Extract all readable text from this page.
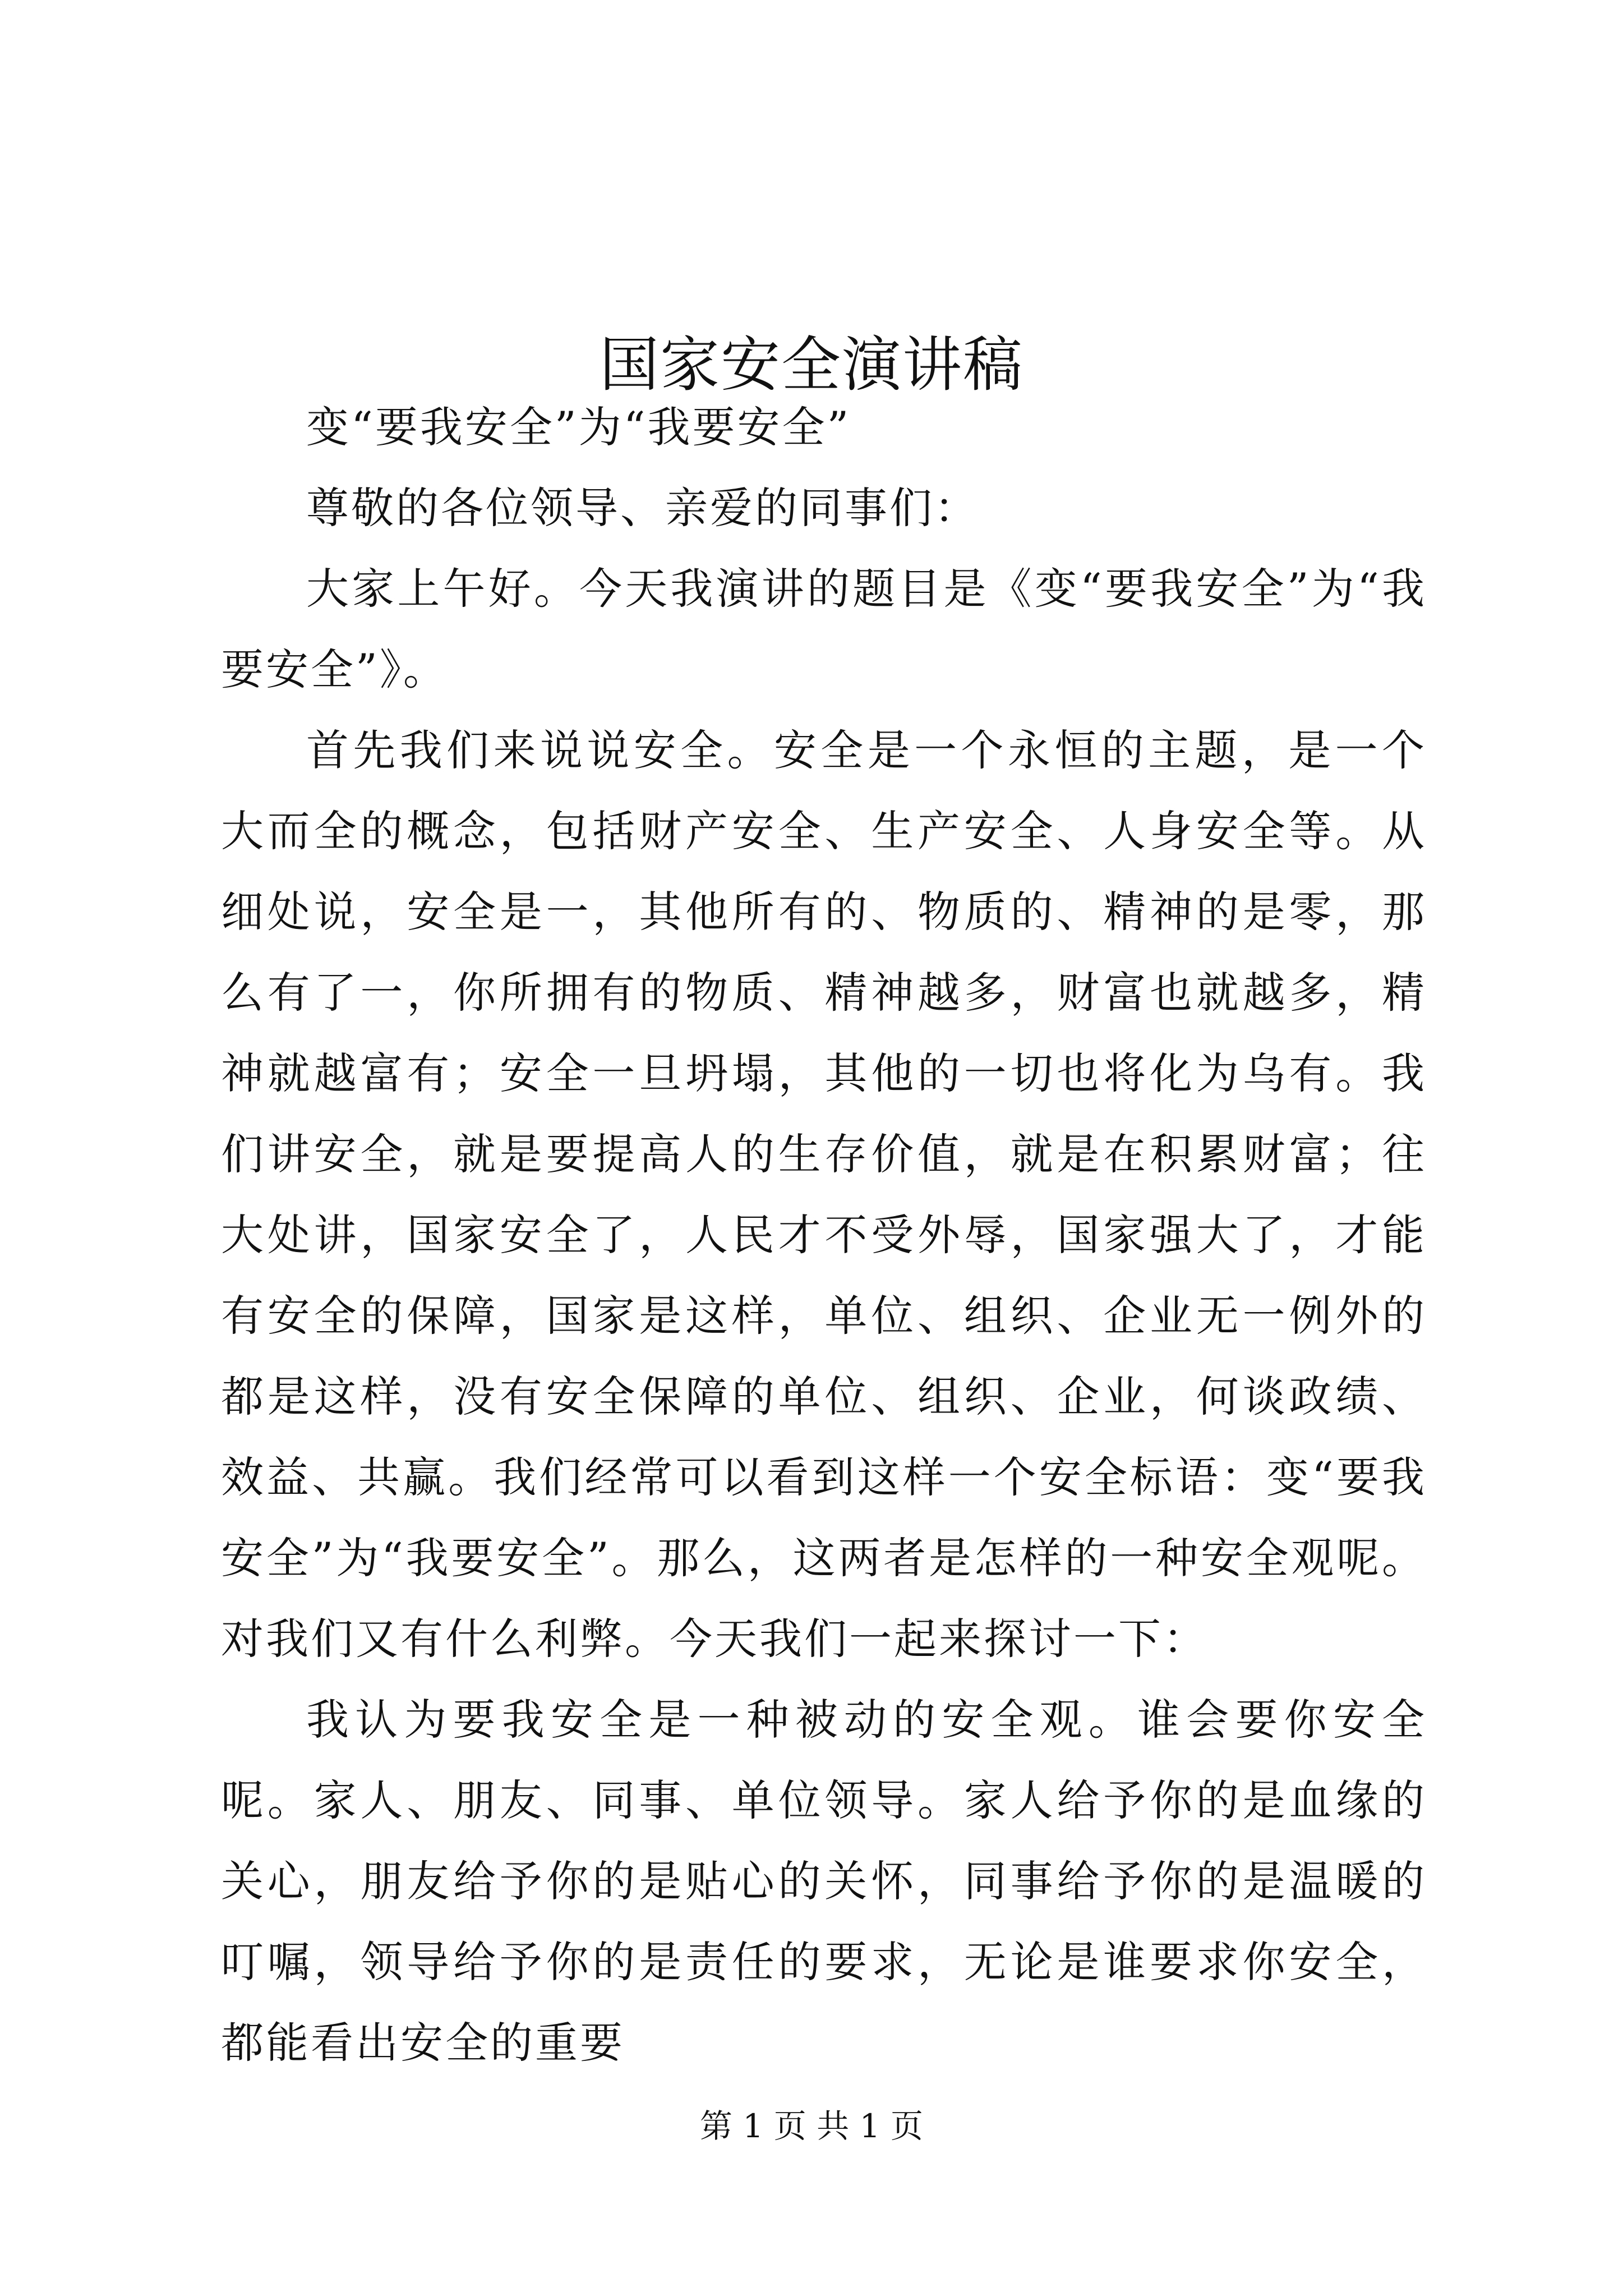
国家安全演讲稿

变“要我安全”为“我要安全”

尊敬的各位领导、亲爱的同事们：

大家上午好。今天我演讲的题目是《变“要我安全”为“我要安全”》。

首先我们来说说安全。安全是一个永恒的主题，是一个大而全的概念，包括财产安全、生产安全、人身安全等。从细处说，安全是一，其他所有的、物质的、精神的是零，那么有了一，你所拥有的物质、精神越多，财富也就越多，精神就越富有；安全一旦坍塌，其他的一切也将化为乌有。我们讲安全，就是要提高人的生存价值，就是在积累财富；往大处讲，国家安全了，人民才不受外辱，国家强大了，才能有安全的保障，国家是这样，单位、组织、企业无一例外的都是这样，没有安全保障的单位、组织、企业，何谈政绩、效益、共赢。我们经常可以看到这样一个安全标语：变“要我安全”为“我要安全”。那么，这两者是怎样的一种安全观呢。对我们又有什么利弊。今天我们一起来探讨一下：

我认为要我安全是一种被动的安全观。谁会要你安全呢。家人、朋友、同事、单位领导。家人给予你的是血缘的关心，朋友给予你的是贴心的关怀，同事给予你的是温暖的叮嘱，领导给予你的是责任的要求，无论是谁要求你安全，都能看出安全的重要

第 1 页 共 1 页
